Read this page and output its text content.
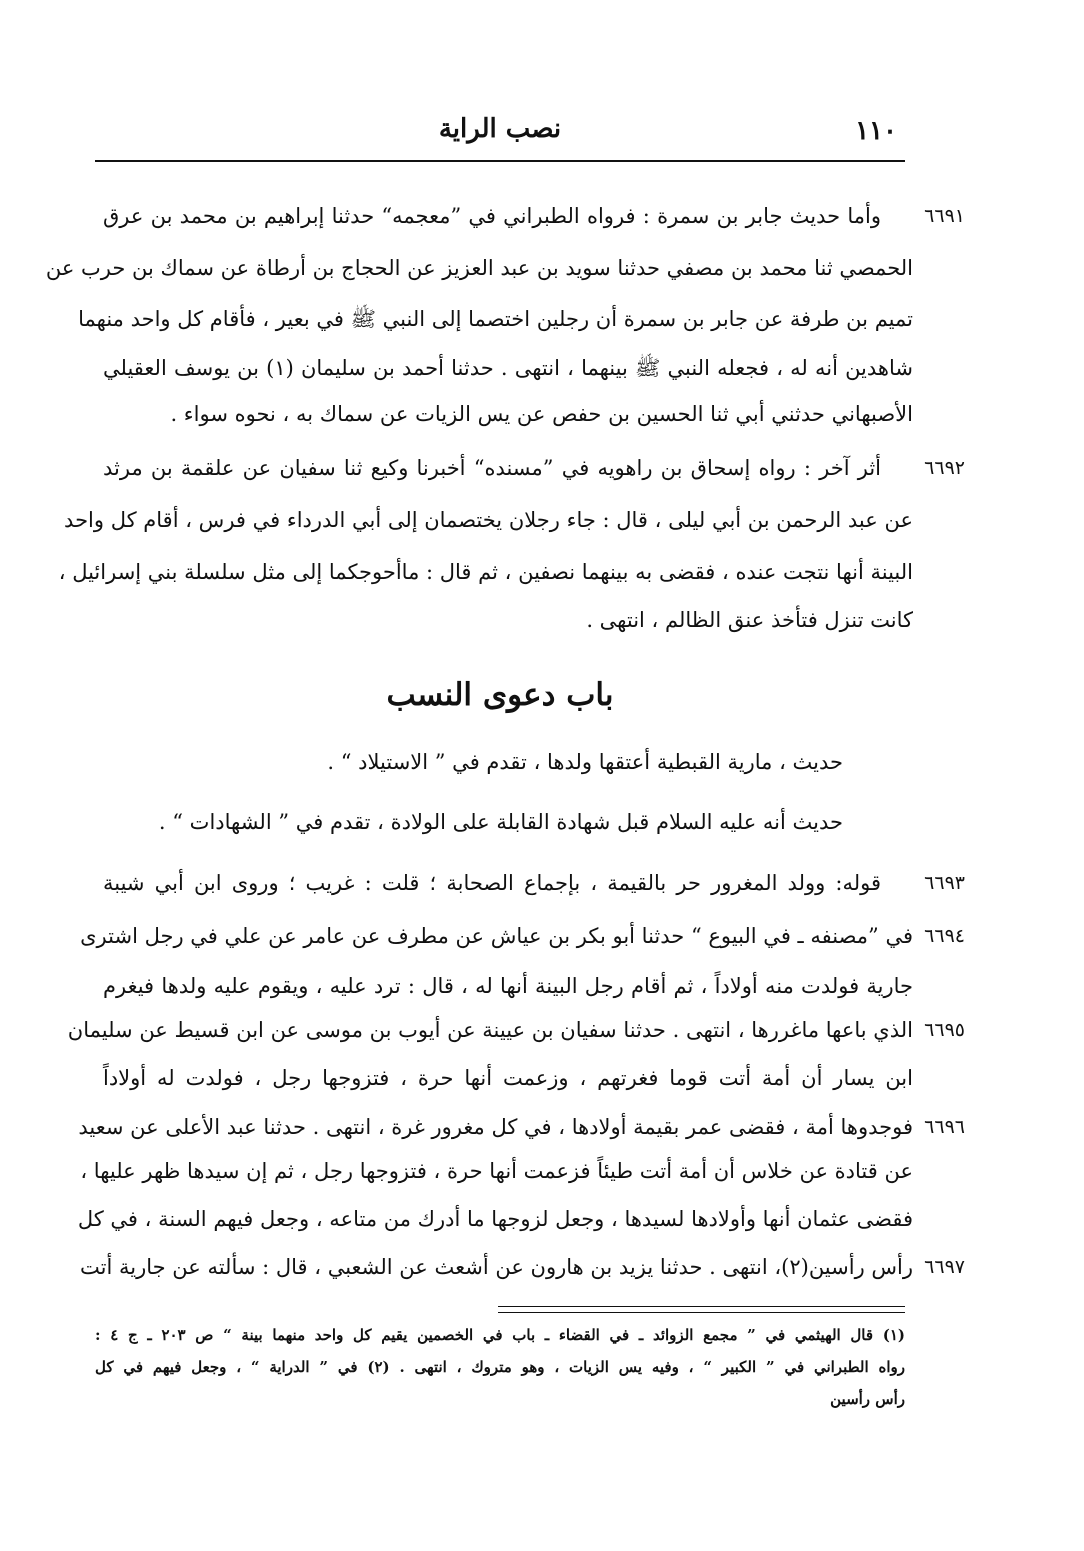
نصب الراية	١١٠
٦٦٩١وأما حديث جابر بن سمرة : فرواه الطبراني في ”معجمه“ حدثنا إبراهيم بن محمد بن عرق
الحمصي ثنا محمد بن مصفي حدثنا سويد بن عبد العزيز عن الحجاج بن أرطاة عن سماك بن حرب عن
تميم بن طرفة عن جابر بن سمرة أن رجلين اختصما إلى النبي ﷺ في بعير ، فأقام كل واحد منهما
شاهدين أنه له ، فجعله النبي ﷺ بينهما ، انتهى . حدثنا أحمد بن سليمان (١) بن يوسف العقيلي
الأصبهاني حدثني أبي ثنا الحسين بن حفص عن يس الزيات عن سماك به ، نحوه سواء .
٦٦٩٢أثر آخر : رواه إسحاق بن راهويه في ”مسنده“ أخبرنا وكيع ثنا سفيان عن علقمة بن مرثد
عن عبد الرحمن بن أبي ليلى ، قال : جاء رجلان يختصمان إلى أبي الدرداء في فرس ، أقام كل واحد
البينة أنها نتجت عنده ، فقضى به بينهما نصفين ، ثم قال : ماأحوجكما إلى مثل سلسلة بني إسرائيل ،
كانت تنزل فتأخذ عنق الظالم ، انتهى .
باب دعوى النسب
حديث ، مارية القبطية أعتقها ولدها ، تقدم في ” الاستيلاد “ .
حديث أنه عليه السلام قبل شهادة القابلة على الولادة ، تقدم في ” الشهادات “ .
٦٦٩٣قوله: وولد المغرور حر بالقيمة ، بإجماع الصحابة ؛ قلت : غريب ؛ وروى ابن أبي شيبة
٦٦٩٤في ”مصنفه ـ في البيوع “ حدثنا أبو بكر بن عياش عن مطرف عن عامر عن علي في رجل اشترى
جارية فولدت منه أولاداً ، ثم أقام رجل البينة أنها له ، قال : ترد عليه ، ويقوم عليه ولدها فيغرم
٦٦٩٥الذي باعها ماغررها ، انتهى . حدثنا سفيان بن عيينة عن أيوب بن موسى عن ابن قسيط عن سليمان
ابن يسار أن أمة أتت قوما فغرتهم ، وزعمت أنها حرة ، فتزوجها رجل ، فولدت له أولاداً
٦٦٩٦فوجدوها أمة ، فقضى عمر بقيمة أولادها ، في كل مغرور غرة ، انتهى . حدثنا عبد الأعلى عن سعيد
عن قتادة عن خلاس أن أمة أتت طيئاً فزعمت أنها حرة ، فتزوجها رجل ، ثم إن سيدها ظهر عليها ،
فقضى عثمان أنها وأولادها لسيدها ، وجعل لزوجها ما أدرك من متاعه ، وجعل فيهم السنة ، في كل
٦٦٩٧رأس رأسين(٢)، انتهى . حدثنا يزيد بن هارون عن أشعث عن الشعبي ، قال : سألته عن جارية أتت
(١) قال الهيثمي في ” مجمع الزوائد ـ في القضاء ـ باب في الخصمين يقيم كل واحد منهما بينة “ ص ٢٠٣ ـ ج ٤ :
رواه الطبراني في ” الكبير “ ، وفيه يس الزيات ، وهو متروك ، انتهى . (٢) في ” الدراية “ ، وجعل فيهم في كل
رأس رأسين
